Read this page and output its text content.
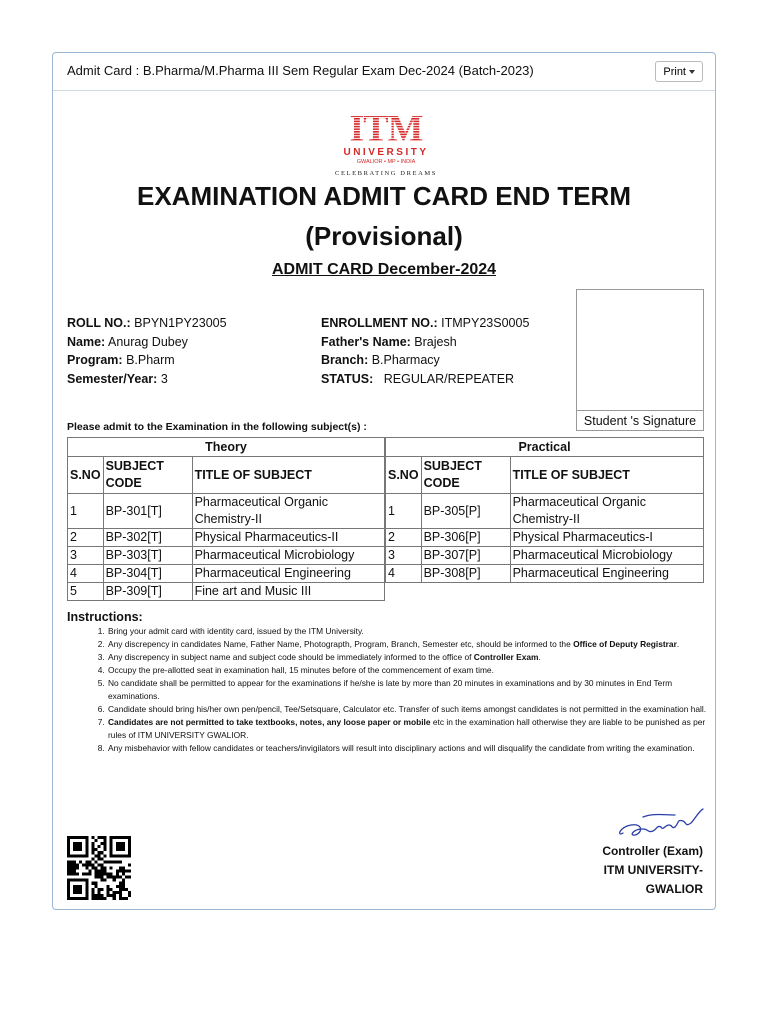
Admit Card : B.Pharma/M.Pharma III Sem Regular Exam Dec-2024 (Batch-2023)	Print
ITM
UNIVERSITY
GWALIOR • MP • INDIA
CELEBRATING DREAMS
EXAMINATION ADMIT CARD END TERM
(Provisional)
ADMIT CARD December-2024
Student 's Signature
ROLL NO.: BPYN1PY23005
Name: Anurag Dubey
Program: B.Pharm
Semester/Year: 3
ENROLLMENT NO.: ITMPY23S0005
Father's Name: Brajesh
Branch: B.Pharmacy
STATUS: REGULAR/REPEATER
Please admit to the Examination in the following subject(s) :
Theory		
S.NO	SUBJECT CODE	TITLE OF SUBJECT
1	BP-301[T]	Pharmaceutical Organic Chemistry-II
2	BP-302[T]	Physical Pharmaceutics-II
3	BP-303[T]	Pharmaceutical Microbiology
4	BP-304[T]	Pharmaceutical Engineering
5	BP-309[T]	Fine art and Music III
Practical		
S.NO	SUBJECT CODE	TITLE OF SUBJECT
1	BP-305[P]	Pharmaceutical Organic Chemistry-II
2	BP-306[P]	Physical Pharmaceutics-I
3	BP-307[P]	Pharmaceutical Microbiology
4	BP-308[P]	Pharmaceutical Engineering
Instructions:
1. Bring your admit card with identity card, issued by the ITM University.
2. Any discrepency in candidates Name, Father Name, Photograpth, Program, Branch, Semester etc, should be informed to the Office of Deputy Registrar.
3. Any discrepency in subject name and subject code should be immediately informed to the office of Controller Exam.
4. Occupy the pre-allotted seat in examination hall, 15 minutes before of the commencement of exam time.
5. No candidate shall be permitted to appear for the examinations if he/she is late by more than 20 minutes in examinations and by 30 minutes in End Term examinations.
6. Candidate should bring his/her own pen/pencil, Tee/Setsquare, Calculator etc. Transfer of such items amongst candidates is not permitted in the examination hall.
7. Candidates are not permitted to take textbooks, notes, any loose paper or mobile etc in the examination hall otherwise they are liable to be punished as per rules of ITM UNIVERSITY GWALIOR.
8. Any misbehavior with fellow candidates or teachers/invigilators will result into disciplinary actions and will disqualify the candidate from writing the examination.
Controller (Exam)
ITM UNIVERSITY-
GWALIOR
